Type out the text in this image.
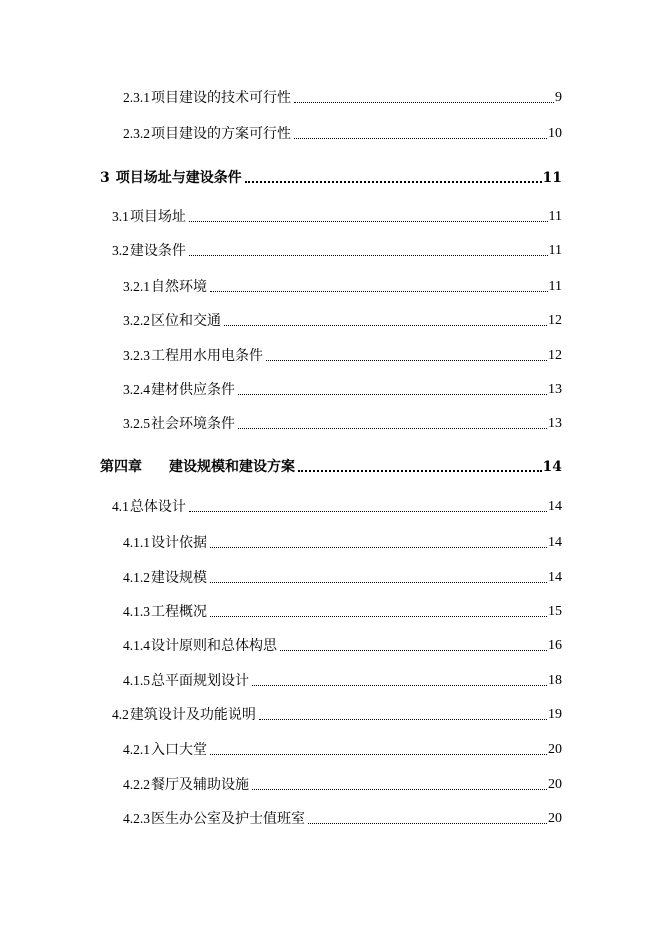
2.3.1项目建设的技术可行性	9
2.3.2项目建设的方案可行性	10
3 项目场址与建设条件	11
3.1项目场址	11
3.2建设条件	11
3.2.1自然环境	11
3.2.2区位和交通	12
3.2.3工程用水用电条件	12
3.2.4建材供应条件	13
3.2.5社会环境条件	13
第四章 建设规模和建设方案	14
4.1总体设计	14
4.1.1设计依据	14
4.1.2建设规模	14
4.1.3工程概况	15
4.1.4设计原则和总体构思	16
4.1.5总平面规划设计	18
4.2建筑设计及功能说明	19
4.2.1入口大堂	20
4.2.2餐厅及辅助设施	20
4.2.3医生办公室及护士值班室	20
